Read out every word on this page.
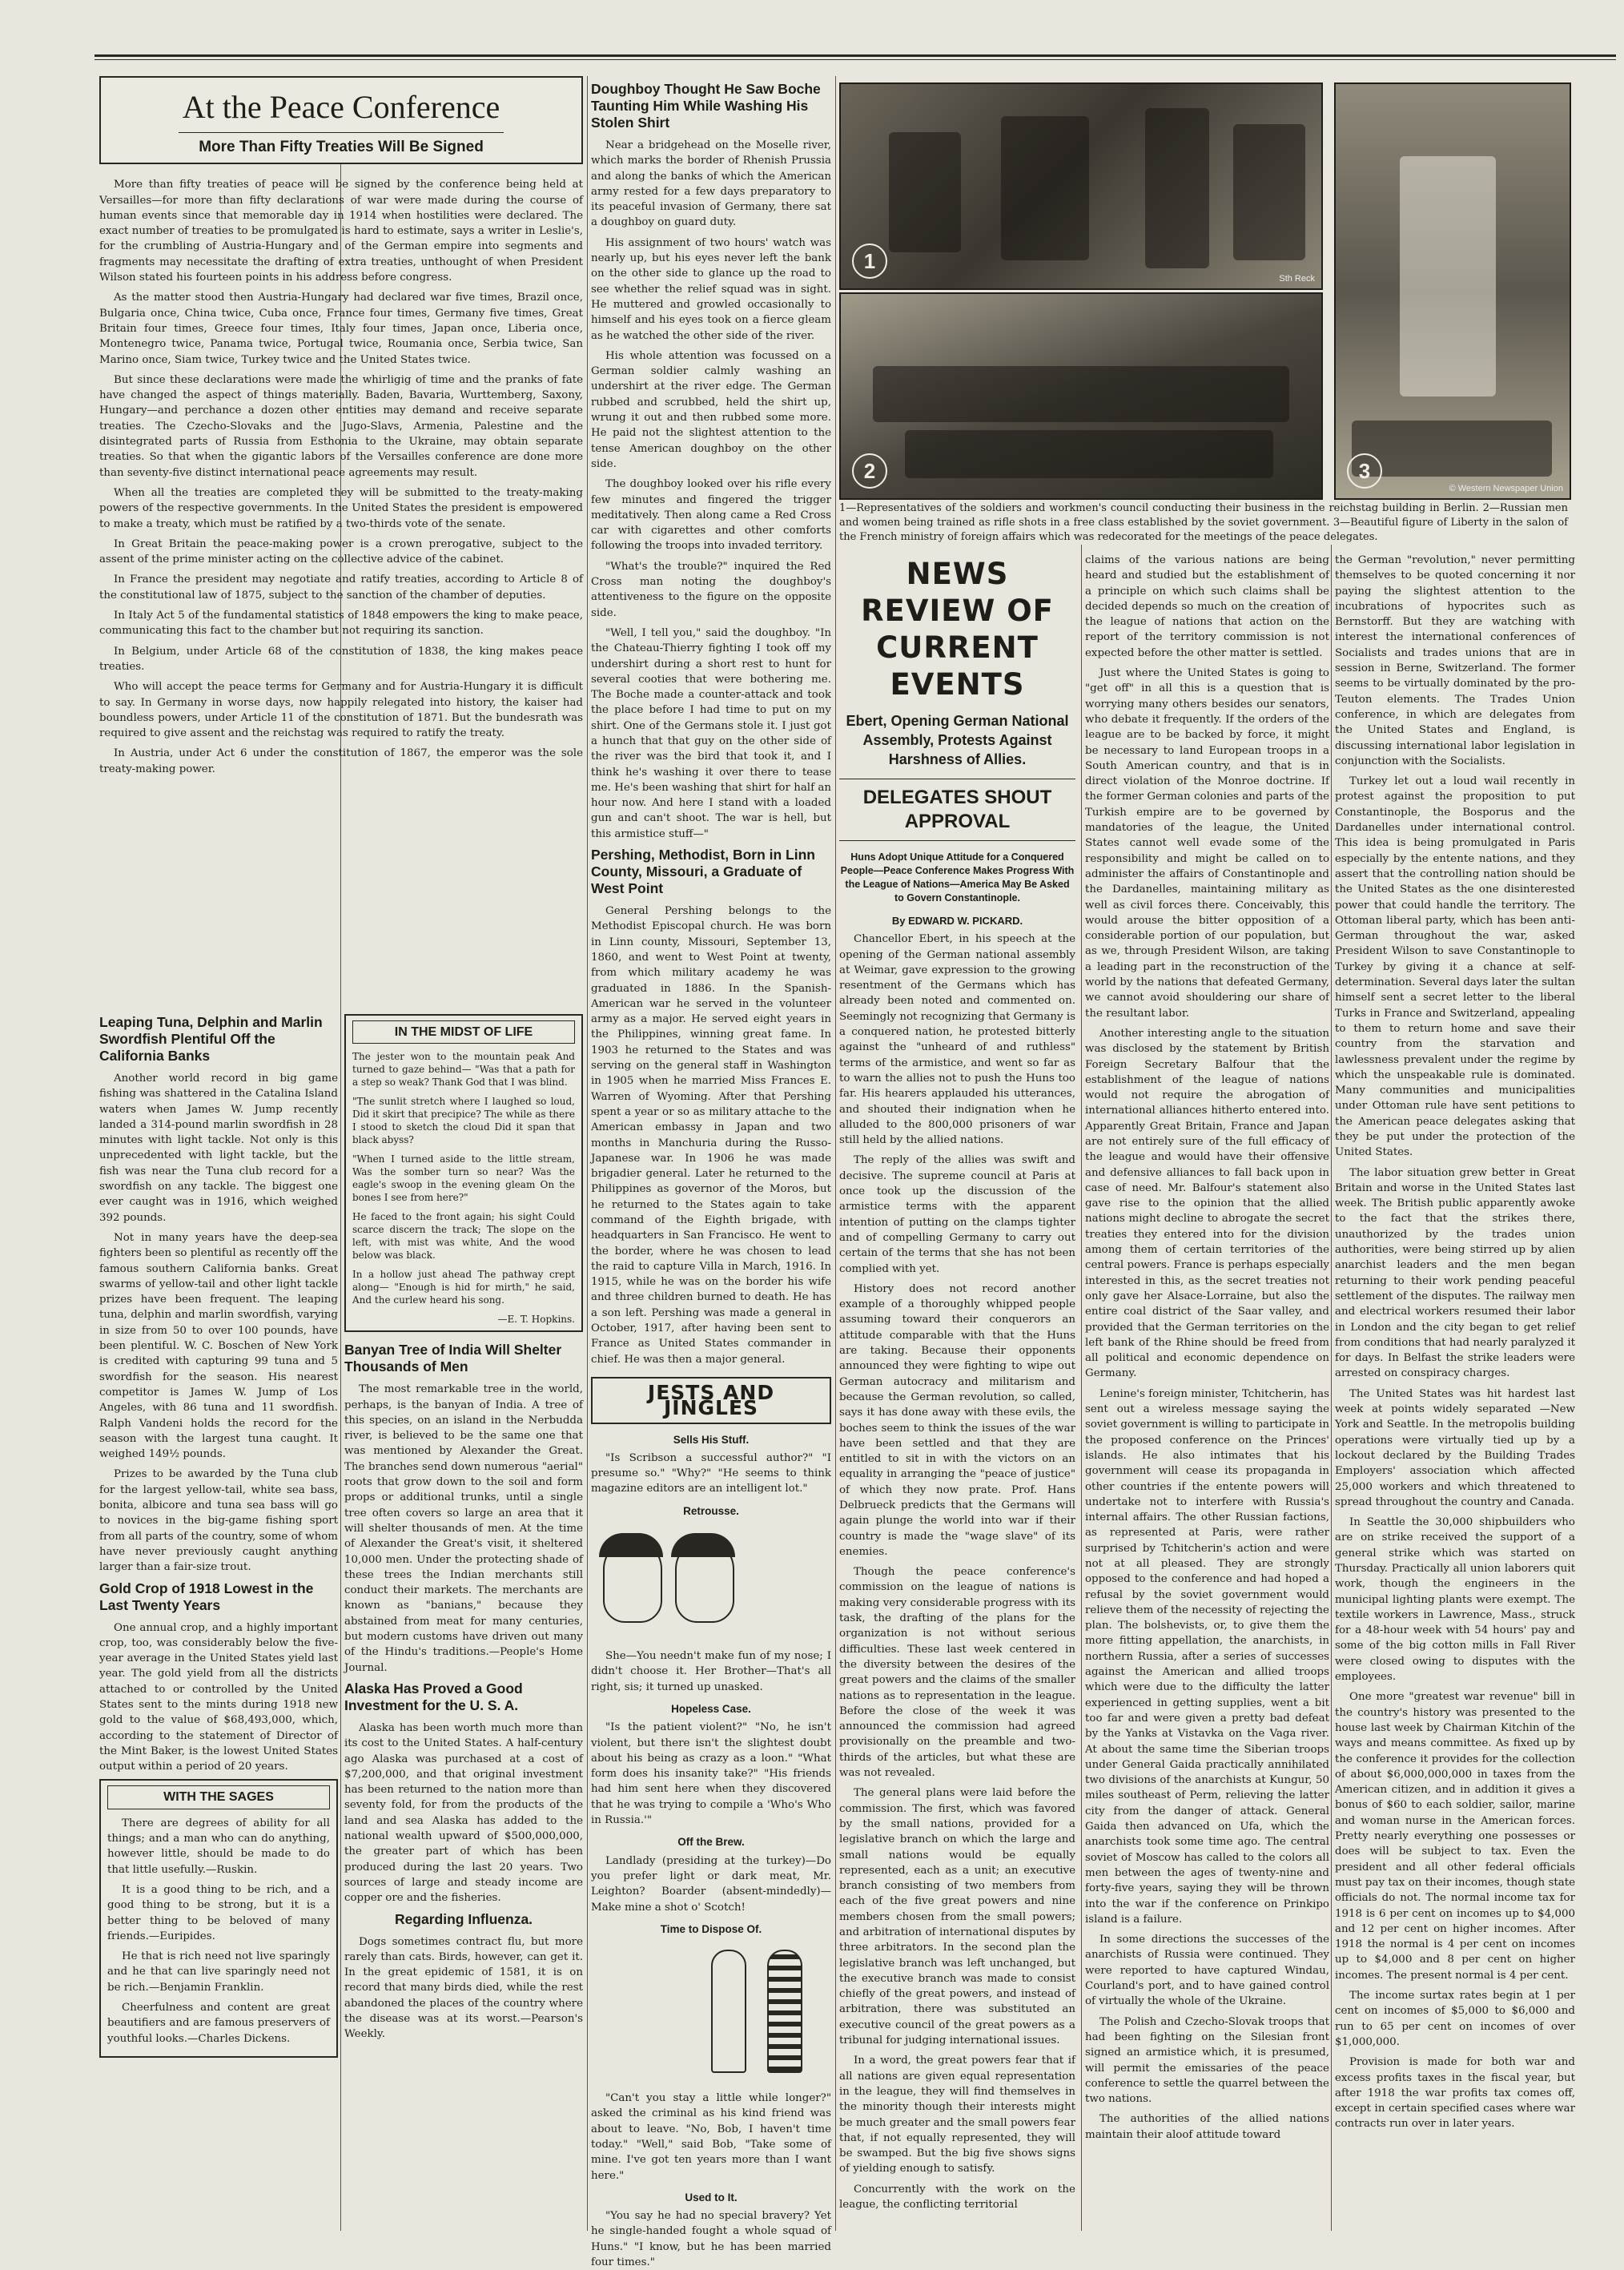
At the Peace Conference
More Than Fifty Treaties Will Be Signed

More than fifty treaties of peace will be signed by the conference being held at Versailles—for more than fifty declarations of war were made during the course of human events since that memorable day in 1914 when hostilities were declared. The exact number of treaties to be promulgated is hard to estimate, says a writer in Leslie's, for the crumbling of Austria-Hungary and of the German empire into segments and fragments may necessitate the drafting of extra treaties, unthought of when President Wilson stated his fourteen points in his address before congress.

As the matter stood then Austria-Hungary had declared war five times, Brazil once, Bulgaria once, China twice, Cuba once, France four times, Germany five times, Great Britain four times, Greece four times, Italy four times, Japan once, Liberia once, Montenegro twice, Panama twice, Portugal twice, Roumania once, Serbia twice, San Marino once, Siam twice, Turkey twice and the United States twice.

But since these declarations were made the whirligig of time and the pranks of fate have changed the aspect of things materially. Baden, Bavaria, Wurttemberg, Saxony, Hungary—and perchance a dozen other entities may demand and receive separate treaties. The Czecho-Slovaks and the Jugo-Slavs, Armenia, Palestine and the disintegrated parts of Russia from Esthonia to the Ukraine, may obtain separate treaties. So that when the gigantic labors of the Versailles conference are done more than seventy-five distinct international peace agreements may result.

When all the treaties are completed they will be submitted to the treaty-making powers of the respective governments. In the United States the president is empowered to make a treaty, which must be ratified by a two-thirds vote of the senate.

In Great Britain the peace-making power is a crown prerogative, subject to the assent of the prime minister acting on the collective advice of the cabinet.

In France the president may negotiate and ratify treaties, according to Article 8 of the constitutional law of 1875, subject to the sanction of the chamber of deputies.

In Italy Act 5 of the fundamental statistics of 1848 empowers the king to make peace, communicating this fact to the chamber but not requiring its sanction.

In Belgium, under Article 68 of the constitution of 1838, the king makes peace treaties.

Who will accept the peace terms for Germany and for Austria-Hungary it is difficult to say. In Germany in worse days, now happily relegated into history, the kaiser had boundless powers, under Article 11 of the constitution of 1871. But the bundesrath was required to give assent and the reichstag was required to ratify the treaty.

In Austria, under Act 6 under the constitution of 1867, the emperor was the sole treaty-making power.

Leaping Tuna, Delphin and Marlin Swordfish Plentiful Off the California Banks

Another world record in big game fishing was shattered in the Catalina Island waters when James W. Jump recently landed a 314-pound marlin swordfish in 28 minutes with light tackle. Not only is this unprecedented with light tackle, but the fish was near the Tuna club record for a swordfish on any tackle. The biggest one ever caught was in 1916, which weighed 392 pounds.

Not in many years have the deep-sea fighters been so plentiful as recently off the famous southern California banks. Great swarms of yellow-tail and other light tackle prizes have been frequent. The leaping tuna, delphin and marlin swordfish, varying in size from 50 to over 100 pounds, have been plentiful. W. C. Boschen of New York is credited with capturing 99 tuna and 5 swordfish for the season. His nearest competitor is James W. Jump of Los Angeles, with 86 tuna and 11 swordfish. Ralph Vandeni holds the record for the season with the largest tuna caught. It weighed 149½ pounds.

Prizes to be awarded by the Tuna club for the largest yellow-tail, white sea bass, bonita, albicore and tuna sea bass will go to novices in the big-game fishing sport from all parts of the country, some of whom have never previously caught anything larger than a fair-size trout.

Gold Crop of 1918 Lowest in the Last Twenty Years

One annual crop, and a highly important crop, too, was considerably below the five-year average in the United States yield last year. The gold yield from all the districts attached to or controlled by the United States sent to the mints during 1918 new gold to the value of $68,493,000, which, according to the statement of Director of the Mint Baker, is the lowest United States output within a period of 20 years.

WITH THE SAGES

There are degrees of ability for all things; and a man who can do anything, however little, should be made to do that little usefully.—Ruskin.

It is a good thing to be rich, and a good thing to be strong, but it is a better thing to be beloved of many friends.—Euripides.

He that is rich need not live sparingly and he that can live sparingly need not be rich.—Benjamin Franklin.

Cheerfulness and content are great beautifiers and are famous preservers of youthful looks.—Charles Dickens.

IN THE MIDST OF LIFE
The jester won to the mountain peak And turned to gaze behind— "Was that a path for a step so weak? Thank God that I was blind.
"The sunlit stretch where I laughed so loud, Did it skirt that precipice? The while as there I stood to sketch the cloud Did it span that black abyss?
"When I turned aside to the little stream, Was the somber turn so near? Was the eagle's swoop in the evening gleam On the bones I see from here?"
He faced to the front again; his sight Could scarce discern the track; The slope on the left, with mist was white, And the wood below was black.
In a hollow just ahead The pathway crept along— "Enough is hid for mirth," he said, And the curlew heard his song.
—E. T. Hopkins.
Banyan Tree of India Will Shelter Thousands of Men

The most remarkable tree in the world, perhaps, is the banyan of India. A tree of this species, on an island in the Nerbudda river, is believed to be the same one that was mentioned by Alexander the Great. The branches send down numerous "aerial" roots that grow down to the soil and form props or additional trunks, until a single tree often covers so large an area that it will shelter thousands of men. At the time of Alexander the Great's visit, it sheltered 10,000 men. Under the protecting shade of these trees the Indian merchants still conduct their markets. The merchants are known as "banians," because they abstained from meat for many centuries, but modern customs have driven out many of the Hindu's traditions.—People's Home Journal.

Alaska Has Proved a Good Investment for the U. S. A.

Alaska has been worth much more than its cost to the United States. A half-century ago Alaska was purchased at a cost of $7,200,000, and that original investment has been returned to the nation more than seventy fold, for from the products of the land and sea Alaska has added to the national wealth upward of $500,000,000, the greater part of which has been produced during the last 20 years. Two sources of large and steady income are copper ore and the fisheries.

Regarding Influenza.

Dogs sometimes contract flu, but more rarely than cats. Birds, however, can get it. In the great epidemic of 1581, it is on record that many birds died, while the rest abandoned the places of the country where the disease was at its worst.—Pearson's Weekly.

Doughboy Thought He Saw Boche Taunting Him While Washing His Stolen Shirt

Near a bridgehead on the Moselle river, which marks the border of Rhenish Prussia and along the banks of which the American army rested for a few days preparatory to its peaceful invasion of Germany, there sat a doughboy on guard duty.

His assignment of two hours' watch was nearly up, but his eyes never left the bank on the other side to glance up the road to see whether the relief squad was in sight. He muttered and growled occasionally to himself and his eyes took on a fierce gleam as he watched the other side of the river.

His whole attention was focussed on a German soldier calmly washing an undershirt at the river edge. The German rubbed and scrubbed, held the shirt up, wrung it out and then rubbed some more. He paid not the slightest attention to the tense American doughboy on the other side.

The doughboy looked over his rifle every few minutes and fingered the trigger meditatively. Then along came a Red Cross car with cigarettes and other comforts following the troops into invaded territory.

"What's the trouble?" inquired the Red Cross man noting the doughboy's attentiveness to the figure on the opposite side.

"Well, I tell you," said the doughboy. "In the Chateau-Thierry fighting I took off my undershirt during a short rest to hunt for several cooties that were bothering me. The Boche made a counter-attack and took the place before I had time to put on my shirt. One of the Germans stole it. I just got a hunch that that guy on the other side of the river was the bird that took it, and I think he's washing it over there to tease me. He's been washing that shirt for half an hour now. And here I stand with a loaded gun and can't shoot. The war is hell, but this armistice stuff—"

Pershing, Methodist, Born in Linn County, Missouri, a Graduate of West Point

General Pershing belongs to the Methodist Episcopal church. He was born in Linn county, Missouri, September 13, 1860, and went to West Point at twenty, from which military academy he was graduated in 1886. In the Spanish-American war he served in the volunteer army as a major. He served eight years in the Philippines, winning great fame. In 1903 he returned to the States and was serving on the general staff in Washington in 1905 when he married Miss Frances E. Warren of Wyoming. After that Pershing spent a year or so as military attache to the American embassy in Japan and two months in Manchuria during the Russo-Japanese war. In 1906 he was made brigadier general. Later he returned to the Philippines as governor of the Moros, but he returned to the States again to take command of the Eighth brigade, with headquarters in San Francisco. He went to the border, where he was chosen to lead the raid to capture Villa in March, 1916. In 1915, while he was on the border his wife and three children burned to death. He has a son left. Pershing was made a general in October, 1917, after having been sent to France as United States commander in chief. He was then a major general.

JESTS AND JINGLES
Sells His Stuff.

"Is Scribson a successful author?" "I presume so." "Why?" "He seems to think magazine editors are an intelligent lot."

Retrousse.

She—You needn't make fun of my nose; I didn't choose it. Her Brother—That's all right, sis; it turned up unasked.

Hopeless Case.

"Is the patient violent?" "No, he isn't violent, but there isn't the slightest doubt about his being as crazy as a loon." "What form does his insanity take?" "His friends had him sent here when they discovered that he was trying to compile a 'Who's Who in Russia.'"

Off the Brew.

Landlady (presiding at the turkey)—Do you prefer light or dark meat, Mr. Leighton? Boarder (absent-mindedly)—Make mine a shot o' Scotch!

Time to Dispose Of.

"Can't you stay a little while longer?" asked the criminal as his kind friend was about to leave. "No, Bob, I haven't time today." "Well," said Bob, "Take some of mine. I've got ten years more than I want here."

Used to It.

"You say he had no special bravery? Yet he single-handed fought a whole squad of Huns." "I know, but he has been married four times."

1
Sth Reck
2	3
© Western Newspaper Union
1—Representatives of the soldiers and workmen's council conducting their business in the reichstag building in Berlin. 2—Russian men and women being trained as rifle shots in a free class established by the soviet government. 3—Beautiful figure of Liberty in the salon of the French ministry of foreign affairs which was redecorated for the meetings of the peace delegates.
NEWS REVIEW OF
CURRENT EVENTS
Ebert, Opening German National Assembly, Protests Against Harshness of Allies.
DELEGATES SHOUT APPROVAL
Huns Adopt Unique Attitude for a Conquered People—Peace Conference Makes Progress With the League of Nations—America May Be Asked to Govern Constantinople.
By EDWARD W. PICKARD.

Chancellor Ebert, in his speech at the opening of the German national assembly at Weimar, gave expression to the growing resentment of the Germans which has already been noted and commented on. Seemingly not recognizing that Germany is a conquered nation, he protested bitterly against the "unheard of and ruthless" terms of the armistice, and went so far as to warn the allies not to push the Huns too far. His hearers applauded his utterances, and shouted their indignation when he alluded to the 800,000 prisoners of war still held by the allied nations.

The reply of the allies was swift and decisive. The supreme council at Paris at once took up the discussion of the armistice terms with the apparent intention of putting on the clamps tighter and of compelling Germany to carry out certain of the terms that she has not been complied with yet.

History does not record another example of a thoroughly whipped people assuming toward their conquerors an attitude comparable with that the Huns are taking. Because their opponents announced they were fighting to wipe out German autocracy and militarism and because the German revolution, so called, says it has done away with these evils, the boches seem to think the issues of the war have been settled and that they are entitled to sit in with the victors on an equality in arranging the "peace of justice" of which they now prate. Prof. Hans Delbrueck predicts that the Germans will again plunge the world into war if their country is made the "wage slave" of its enemies.

Though the peace conference's commission on the league of nations is making very considerable progress with its task, the drafting of the plans for the organization is not without serious difficulties. These last week centered in the diversity between the desires of the great powers and the claims of the smaller nations as to representation in the league. Before the close of the week it was announced the commission had agreed provisionally on the preamble and two-thirds of the articles, but what these are was not revealed.

The general plans were laid before the commission. The first, which was favored by the small nations, provided for a legislative branch on which the large and small nations would be equally represented, each as a unit; an executive branch consisting of two members from each of the five great powers and nine members chosen from the small powers; and arbitration of international disputes by three arbitrators. In the second plan the legislative branch was left unchanged, but the executive branch was made to consist chiefly of the great powers, and instead of arbitration, there was substituted an executive council of the great powers as a tribunal for judging international issues.

In a word, the great powers fear that if all nations are given equal representation in the league, they will find themselves in the minority though their interests might be much greater and the small powers fear that, if not equally represented, they will be swamped. But the big five shows signs of yielding enough to satisfy.

Concurrently with the work on the league, the conflicting territorial

claims of the various nations are being heard and studied but the establishment of a principle on which such claims shall be decided depends so much on the creation of the league of nations that action on the report of the territory commission is not expected before the other matter is settled.

Just where the United States is going to "get off" in all this is a question that is worrying many others besides our senators, who debate it frequently. If the orders of the league are to be backed by force, it might be necessary to land European troops in a South American country, and that is in direct violation of the Monroe doctrine. If the former German colonies and parts of the Turkish empire are to be governed by mandatories of the league, the United States cannot well evade some of the responsibility and might be called on to administer the affairs of Constantinople and the Dardanelles, maintaining military as well as civil forces there. Conceivably, this would arouse the bitter opposition of a considerable portion of our population, but as we, through President Wilson, are taking a leading part in the reconstruction of the world by the nations that defeated Germany, we cannot avoid shouldering our share of the resultant labor.

Another interesting angle to the situation was disclosed by the statement by British Foreign Secretary Balfour that the establishment of the league of nations would not require the abrogation of international alliances hitherto entered into. Apparently Great Britain, France and Japan are not entirely sure of the full efficacy of the league and would have their offensive and defensive alliances to fall back upon in case of need. Mr. Balfour's statement also gave rise to the opinion that the allied nations might decline to abrogate the secret treaties they entered into for the division among them of certain territories of the central powers. France is perhaps especially interested in this, as the secret treaties not only gave her Alsace-Lorraine, but also the entire coal district of the Saar valley, and provided that the German territories on the left bank of the Rhine should be freed from all political and economic dependence on Germany.

Lenine's foreign minister, Tchitcherin, has sent out a wireless message saying the soviet government is willing to participate in the proposed conference on the Princes' islands. He also intimates that his government will cease its propaganda in other countries if the entente powers will undertake not to interfere with Russia's internal affairs. The other Russian factions, as represented at Paris, were rather surprised by Tchitcherin's action and were not at all pleased. They are strongly opposed to the conference and had hoped a refusal by the soviet government would relieve them of the necessity of rejecting the plan. The bolshevists, or, to give them the more fitting appellation, the anarchists, in northern Russia, after a series of successes against the American and allied troops which were due to the difficulty the latter experienced in getting supplies, went a bit too far and were given a pretty bad defeat by the Yanks at Vistavka on the Vaga river. At about the same time the Siberian troops under General Gaida practically annihilated two divisions of the anarchists at Kungur, 50 miles southeast of Perm, relieving the latter city from the danger of attack. General Gaida then advanced on Ufa, which the anarchists took some time ago. The central soviet of Moscow has called to the colors all men between the ages of twenty-nine and forty-five years, saying they will be thrown into the war if the conference on Prinkipo island is a failure.

In some directions the successes of the anarchists of Russia were continued. They were reported to have captured Windau, Courland's port, and to have gained control of virtually the whole of the Ukraine.

The Polish and Czecho-Slovak troops that had been fighting on the Silesian front signed an armistice which, it is presumed, will permit the emissaries of the peace conference to settle the quarrel between the two nations.

The authorities of the allied nations maintain their aloof attitude toward

the German "revolution," never permitting themselves to be quoted concerning it nor paying the slightest attention to the incubrations of hypocrites such as Bernstorff. But they are watching with interest the international conferences of Socialists and trades unions that are in session in Berne, Switzerland. The former seems to be virtually dominated by the pro-Teuton elements. The Trades Union conference, in which are delegates from the United States and England, is discussing international labor legislation in conjunction with the Socialists.

Turkey let out a loud wail recently in protest against the proposition to put Constantinople, the Bosporus and the Dardanelles under international control. This idea is being promulgated in Paris especially by the entente nations, and they assert that the controlling nation should be the United States as the one disinterested power that could handle the territory. The Ottoman liberal party, which has been anti-German throughout the war, asked President Wilson to save Constantinople to Turkey by giving it a chance at self-determination. Several days later the sultan himself sent a secret letter to the liberal Turks in France and Switzerland, appealing to them to return home and save their country from the starvation and lawlessness prevalent under the regime by which the unspeakable rule is dominated. Many communities and municipalities under Ottoman rule have sent petitions to the American peace delegates asking that they be put under the protection of the United States.

The labor situation grew better in Great Britain and worse in the United States last week. The British public apparently awoke to the fact that the strikes there, unauthorized by the trades union authorities, were being stirred up by alien anarchist leaders and the men began returning to their work pending peaceful settlement of the disputes. The railway men and electrical workers resumed their labor in London and the city began to get relief from conditions that had nearly paralyzed it for days. In Belfast the strike leaders were arrested on conspiracy charges.

The United States was hit hardest last week at points widely separated —New York and Seattle. In the metropolis building operations were virtually tied up by a lockout declared by the Building Trades Employers' association which affected 25,000 workers and which threatened to spread throughout the country and Canada.

In Seattle the 30,000 shipbuilders who are on strike received the support of a general strike which was started on Thursday. Practically all union laborers quit work, though the engineers in the municipal lighting plants were exempt. The textile workers in Lawrence, Mass., struck for a 48-hour week with 54 hours' pay and some of the big cotton mills in Fall River were closed owing to disputes with the employees.

One more "greatest war revenue" bill in the country's history was presented to the house last week by Chairman Kitchin of the ways and means committee. As fixed up by the conference it provides for the collection of about $6,000,000,000 in taxes from the American citizen, and in addition it gives a bonus of $60 to each soldier, sailor, marine and woman nurse in the American forces. Pretty nearly everything one possesses or does will be subject to tax. Even the president and all other federal officials must pay tax on their incomes, though state officials do not. The normal income tax for 1918 is 6 per cent on incomes up to $4,000 and 12 per cent on higher incomes. After 1918 the normal is 4 per cent on incomes up to $4,000 and 8 per cent on higher incomes. The present normal is 4 per cent.

The income surtax rates begin at 1 per cent on incomes of $5,000 to $6,000 and run to 65 per cent on incomes of over $1,000,000.

Provision is made for both war and excess profits taxes in the fiscal year, but after 1918 the war profits tax comes off, except in certain specified cases where war contracts run over in later years.
